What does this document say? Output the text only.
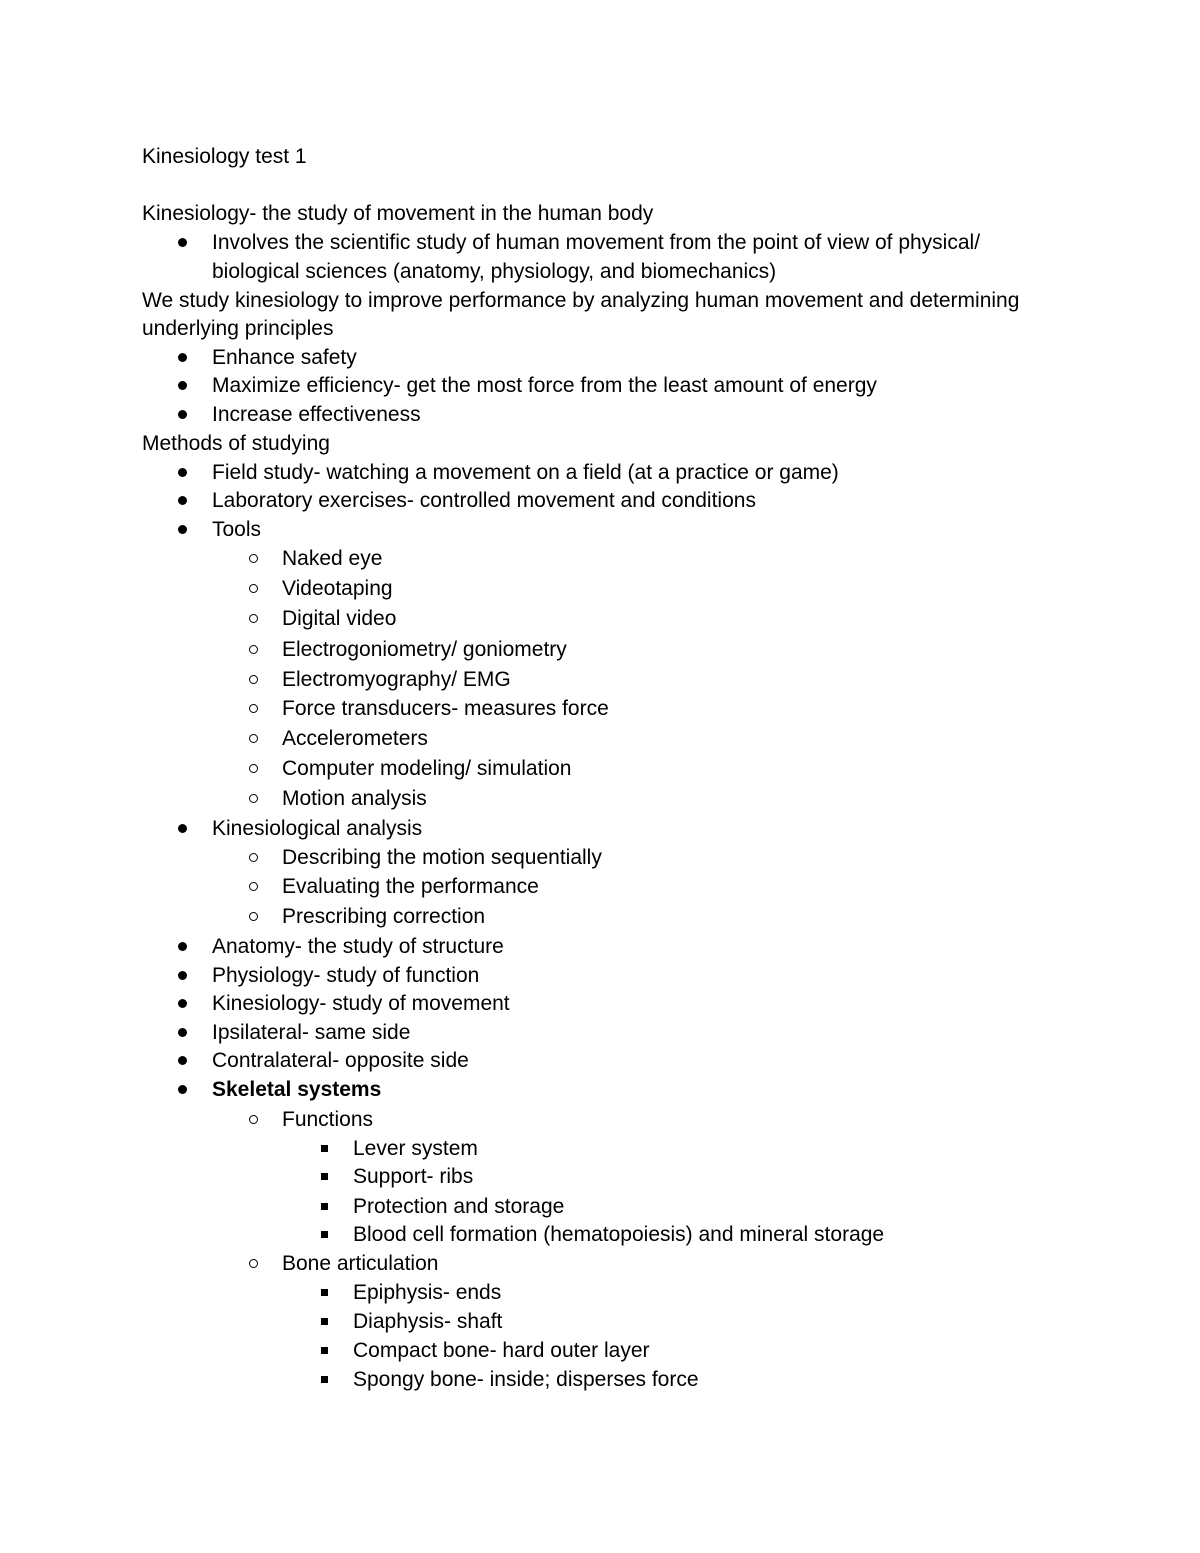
Kinesiology test 1
Kinesiology- the study of movement in the human body
Involves the scientific study of human movement from the point of view of physical/
biological sciences (anatomy, physiology, and biomechanics)
We study kinesiology to improve performance by analyzing human movement and determining
underlying principles
Enhance safety
Maximize efficiency- get the most force from the least amount of energy
Increase effectiveness
Methods of studying
Field study- watching a movement on a field (at a practice or game)
Laboratory exercises- controlled movement and conditions
Tools
Naked eye
Videotaping
Digital video
Electrogoniometry/ goniometry
Electromyography/ EMG
Force transducers- measures force
Accelerometers
Computer modeling/ simulation
Motion analysis
Kinesiological analysis
Describing the motion sequentially
Evaluating the performance
Prescribing correction
Anatomy- the study of structure
Physiology- study of function
Kinesiology- study of movement
Ipsilateral- same side
Contralateral- opposite side
Skeletal systems
Functions
Lever system
Support- ribs
Protection and storage
Blood cell formation (hematopoiesis) and mineral storage
Bone articulation
Epiphysis- ends
Diaphysis- shaft
Compact bone- hard outer layer
Spongy bone- inside; disperses force
